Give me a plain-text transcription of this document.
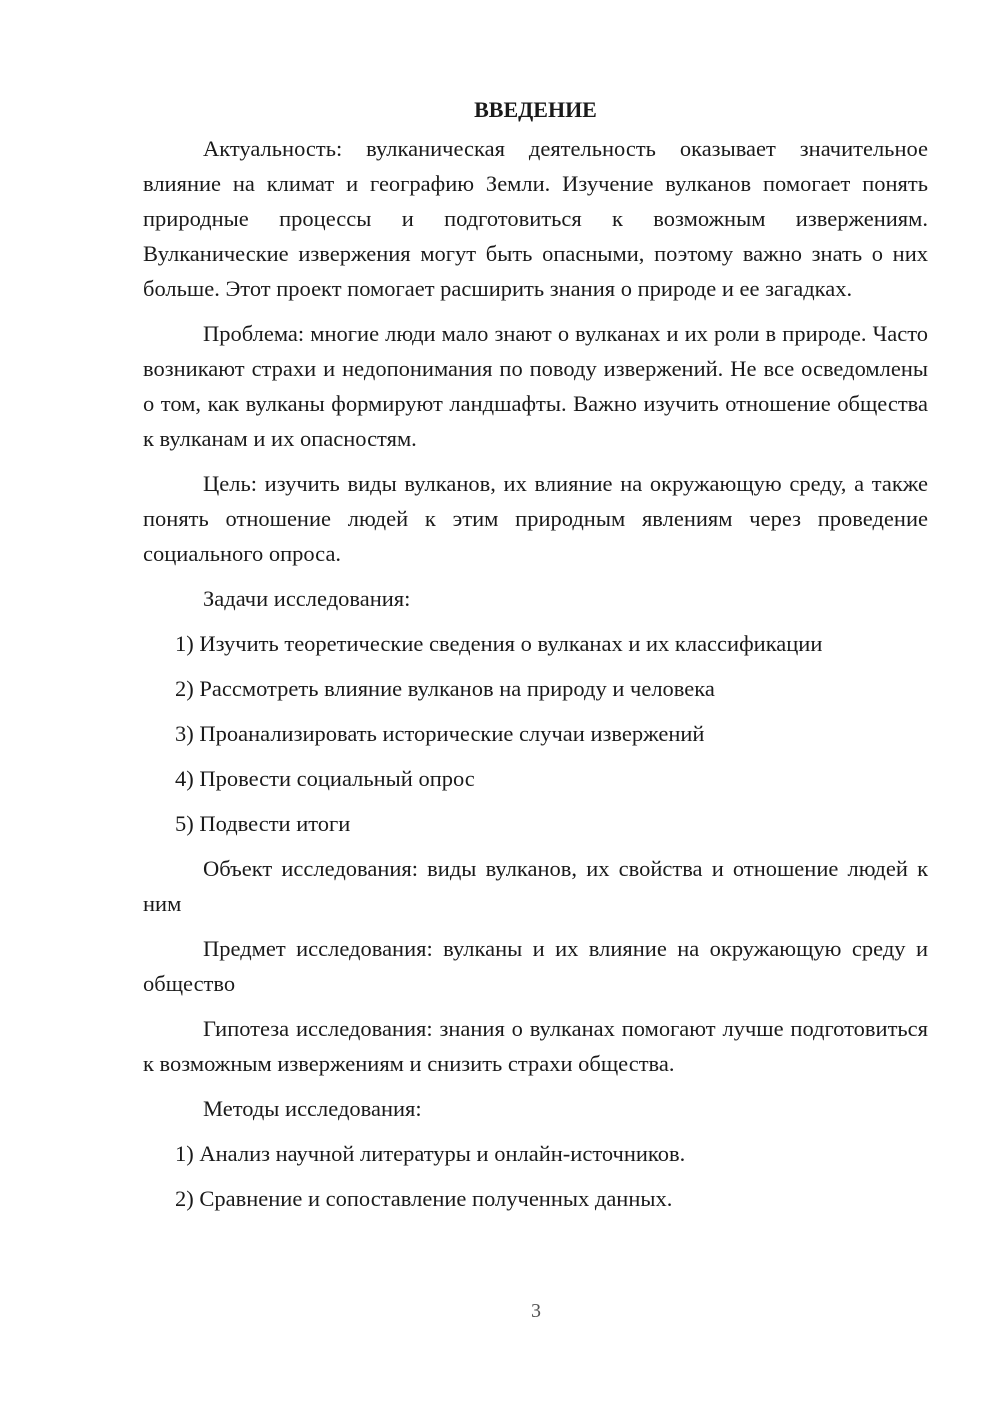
ВВЕДЕНИЕ

Актуальность: вулканическая деятельность оказывает значительное влияние на климат и географию Земли. Изучение вулканов помогает понять природные процессы и подготовиться к возможным извержениям. Вулканические извержения могут быть опасными, поэтому важно знать о них больше. Этот проект помогает расширить знания о природе и ее загадках.

Проблема: многие люди мало знают о вулканах и их роли в природе. Часто возникают страхи и недопонимания по поводу извержений. Не все осведомлены о том, как вулканы формируют ландшафты. Важно изучить отношение общества к вулканам и их опасностям.

Цель: изучить виды вулканов, их влияние на окружающую среду, а также понять отношение людей к этим природным явлениям через проведение социального опроса.

Задачи исследования:

1) Изучить теоретические сведения о вулканах и их классификации

2) Рассмотреть влияние вулканов на природу и человека

3) Проанализировать исторические случаи извержений

4) Провести социальный опрос

5) Подвести итоги

Объект исследования: виды вулканов, их свойства и отношение людей к ним

Предмет исследования: вулканы и их влияние на окружающую среду и общество

Гипотеза исследования: знания о вулканах помогают лучше подготовиться к возможным извержениям и снизить страхи общества.

Методы исследования:

1) Анализ научной литературы и онлайн-источников.

2) Сравнение и сопоставление полученных данных.

3
